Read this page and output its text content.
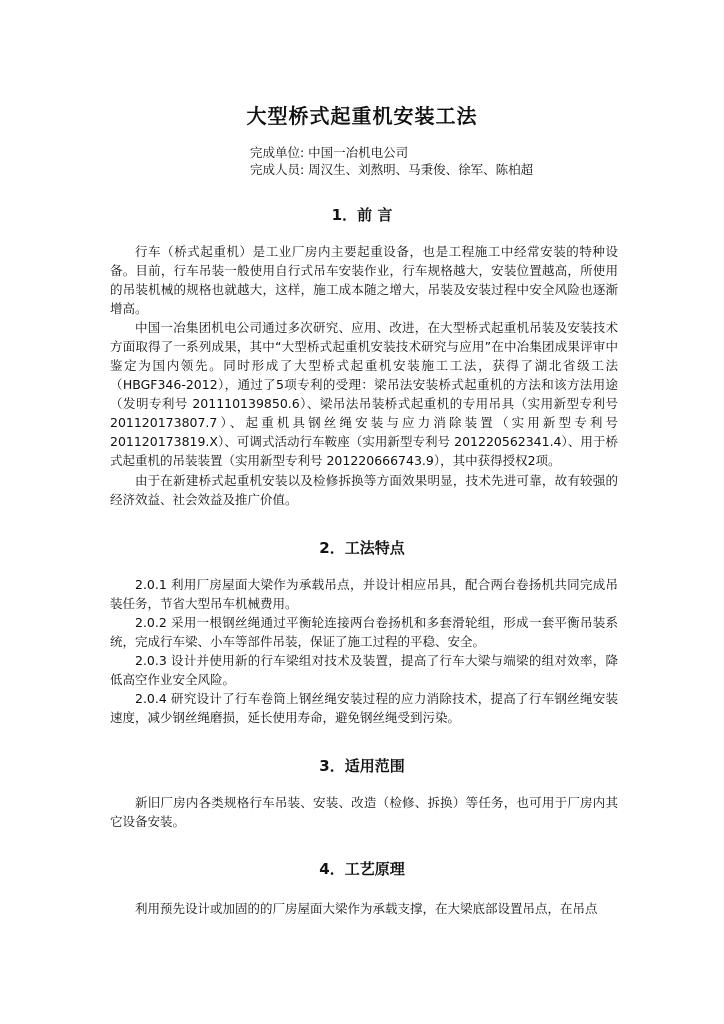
大型桥式起重机安装工法
完成单位: 中国一冶机电公司
完成人员: 周汉生、刘熬明、马秉俊、徐军、陈柏超
1．前 言

行车（桥式起重机）是工业厂房内主要起重设备，也是工程施工中经常安装的特种设备。目前，行车吊装一般使用自行式吊车安装作业，行车规格越大，安装位置越高，所使用的吊装机械的规格也就越大，这样，施工成本随之增大，吊装及安装过程中安全风险也逐渐增高。

中国一冶集团机电公司通过多次研究、应用、改进，在大型桥式起重机吊装及安装技术方面取得了一系列成果，其中“大型桥式起重机安装技术研究与应用”在中冶集团成果评审中鉴定为国内领先。同时形成了大型桥式起重机安装施工工法，获得了湖北省级工法（HBGF346-2012），通过了5项专利的受理：梁吊法安装桥式起重机的方法和该方法用途（发明专利号 201110139850.6）、梁吊法吊装桥式起重机的专用吊具（实用新型专利号 201120173807.7）、起重机具钢丝绳安装与应力消除装置（实用新型专利号 201120173819.X）、可调式活动行车鞍座（实用新型专利号 201220562341.4）、用于桥式起重机的吊装装置（实用新型专利号 201220666743.9），其中获得授权2项。

由于在新建桥式起重机安装以及检修拆换等方面效果明显，技术先进可靠，故有较强的经济效益、社会效益及推广价值。

2．工法特点

2.0.1 利用厂房屋面大梁作为承载吊点，并设计相应吊具，配合两台卷扬机共同完成吊装任务，节省大型吊车机械费用。

2.0.2 采用一根钢丝绳通过平衡轮连接两台卷扬机和多套滑轮组，形成一套平衡吊装系统，完成行车梁、小车等部件吊装，保证了施工过程的平稳、安全。

2.0.3 设计并使用新的行车梁组对技术及装置，提高了行车大梁与端梁的组对效率，降低高空作业安全风险。

2.0.4 研究设计了行车卷筒上钢丝绳安装过程的应力消除技术，提高了行车钢丝绳安装速度，减少钢丝绳磨损，延长使用寿命，避免钢丝绳受到污染。

3．适用范围

新旧厂房内各类规格行车吊装、安装、改造（检修、拆换）等任务，也可用于厂房内其它设备安装。

4．工艺原理

利用预先设计或加固的的厂房屋面大梁作为承载支撑，在大梁底部设置吊点，在吊点
